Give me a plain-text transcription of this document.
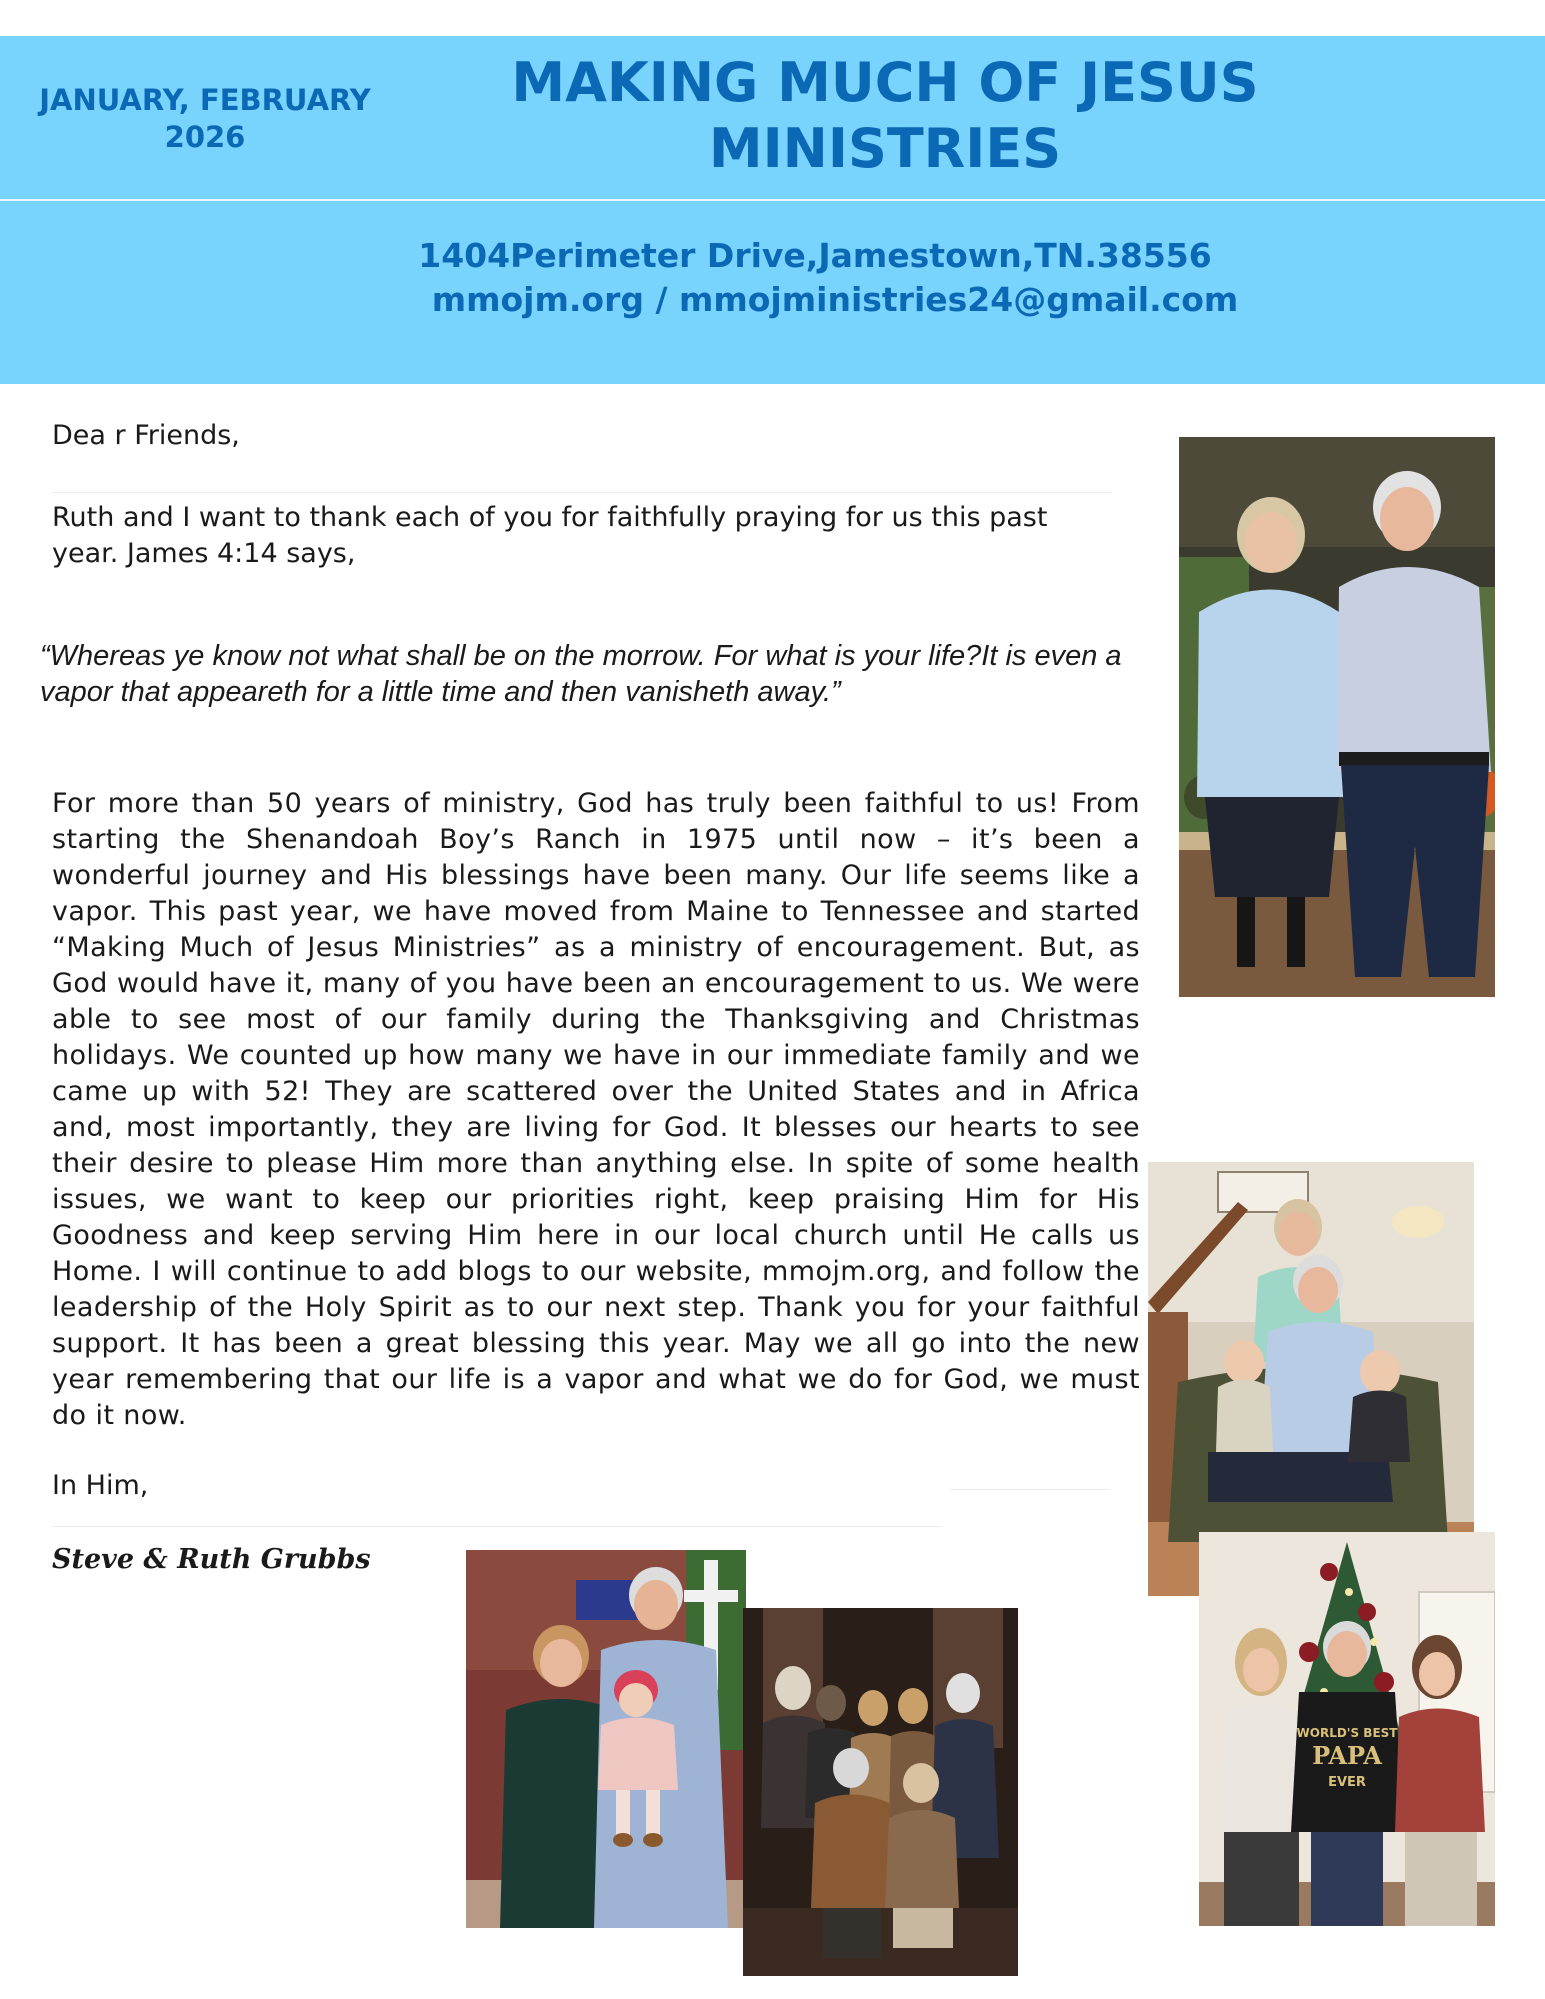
JANUARY, FEBRUARY
2026
MAKING MUCH OF JESUS
MINISTRIES
1404Perimeter Drive,Jamestown,TN.38556
mmojm.org / mmojministries24@gmail.com
Dea r Friends,
Ruth and I want to thank each of you for faithfully praying for us this past year. James 4:14 says,
“Whereas ye know not what shall be on the morrow. For what is your life?It is even a vapor that appeareth for a little time and then vanisheth away.”
For more than 50 years of ministry, God has truly been faithful to us! From starting the Shenandoah Boy’s Ranch in 1975 until now – it’s been a wonderful journey and His blessings have been many. Our life seems like a vapor. This past year, we have moved from Maine to Tennessee and started “Making Much of Jesus Ministries” as a ministry of encouragement. But, as God would have it, many of you have been an encouragement to us. We were able to see most of our family during the Thanksgiving and Christmas holidays. We counted up how many we have in our immediate family and we came up with 52! They are scattered over the United States and in Africa and, most importantly, they are living for God. It blesses our hearts to see their desire to please Him more than anything else. In spite of some health issues, we want to keep our priorities right, keep praising Him for His Goodness and keep serving Him here in our local church until He calls us Home. I will continue to add blogs to our website, mmojm.org, and follow the leadership of the Holy Spirit as to our next step. Thank you for your faithful support. It has been a great blessing this year. May we all go into the new year remembering that our life is a vapor and what we do for God, we must do it now.
In Him,
Steve & Ruth Grubbs
WORLD'S BEST
PAPA
EVER
